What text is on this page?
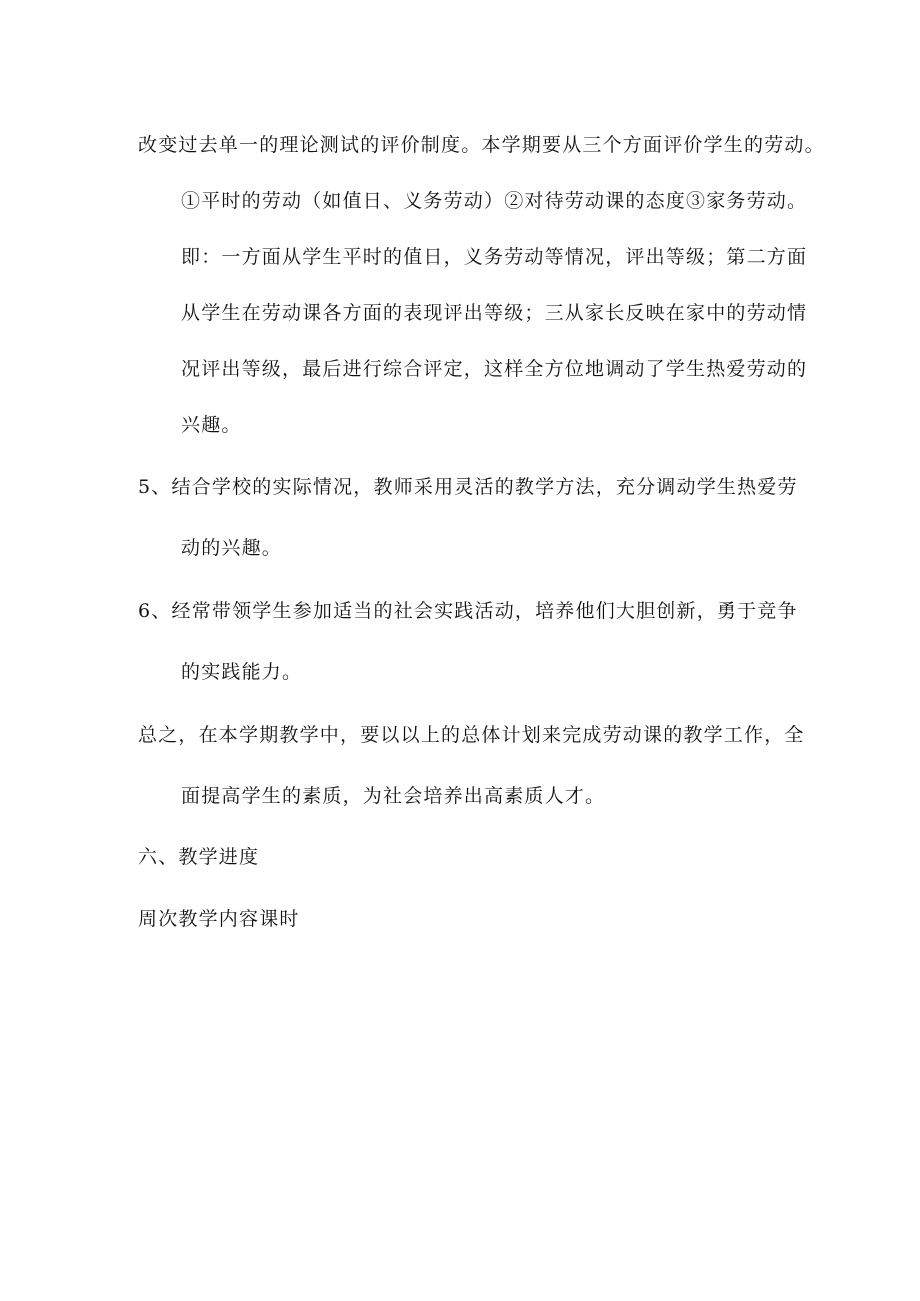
改变过去单一的理论测试的评价制度。本学期要从三个方面评价学生的劳动。
①平时的劳动（如值日、义务劳动）②对待劳动课的态度③家务劳动。
即：一方面从学生平时的值日，义务劳动等情况，评出等级；第二方面
从学生在劳动课各方面的表现评出等级；三从家长反映在家中的劳动情
况评出等级，最后进行综合评定，这样全方位地调动了学生热爱劳动的
兴趣。
5、结合学校的实际情况，教师采用灵活的教学方法，充分调动学生热爱劳
动的兴趣。
6、经常带领学生参加适当的社会实践活动，培养他们大胆创新，勇于竞争
的实践能力。
总之，在本学期教学中，要以以上的总体计划来完成劳动课的教学工作，全
面提高学生的素质，为社会培养出高素质人才。
六、教学进度
周次教学内容课时
